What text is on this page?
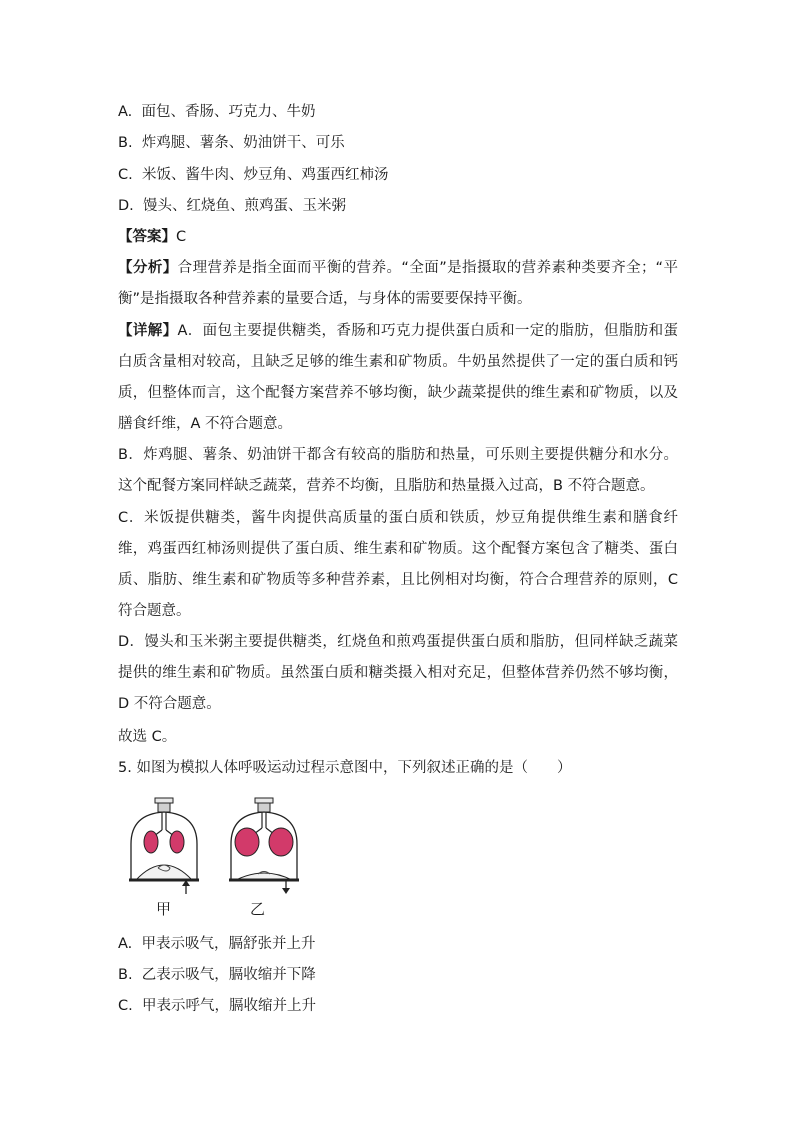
A. 面包、香肠、巧克力、牛奶
B. 炸鸡腿、薯条、奶油饼干、可乐
C. 米饭、酱牛肉、炒豆角、鸡蛋西红柿汤
D. 馒头、红烧鱼、煎鸡蛋、玉米粥
【答案】C
【分析】合理营养是指全面而平衡的营养。“全面”是指摄取的营养素种类要齐全；“平衡”是指摄取各种营养素的量要合适，与身体的需要要保持平衡。
【详解】A．面包主要提供糖类，香肠和巧克力提供蛋白质和一定的脂肪，但脂肪和蛋白质含量相对较高，且缺乏足够的维生素和矿物质。牛奶虽然提供了一定的蛋白质和钙质，但整体而言，这个配餐方案营养不够均衡，缺少蔬菜提供的维生素和矿物质，以及膳食纤维，A 不符合题意。
B．炸鸡腿、薯条、奶油饼干都含有较高的脂肪和热量，可乐则主要提供糖分和水分。这个配餐方案同样缺乏蔬菜，营养不均衡，且脂肪和热量摄入过高，B 不符合题意。
C．米饭提供糖类，酱牛肉提供高质量的蛋白质和铁质，炒豆角提供维生素和膳食纤维，鸡蛋西红柿汤则提供了蛋白质、维生素和矿物质。这个配餐方案包含了糖类、蛋白质、脂肪、维生素和矿物质等多种营养素，且比例相对均衡，符合合理营养的原则，C 符合题意。
D．馒头和玉米粥主要提供糖类，红烧鱼和煎鸡蛋提供蛋白质和脂肪，但同样缺乏蔬菜提供的维生素和矿物质。虽然蛋白质和糖类摄入相对充足，但整体营养仍然不够均衡，D 不符合题意。
故选 C。
5. 如图为模拟人体呼吸运动过程示意图中，下列叙述正确的是（　　）
甲	乙
A. 甲表示吸气，膈舒张并上升
B. 乙表示吸气，膈收缩并下降
C. 甲表示呼气，膈收缩并上升
